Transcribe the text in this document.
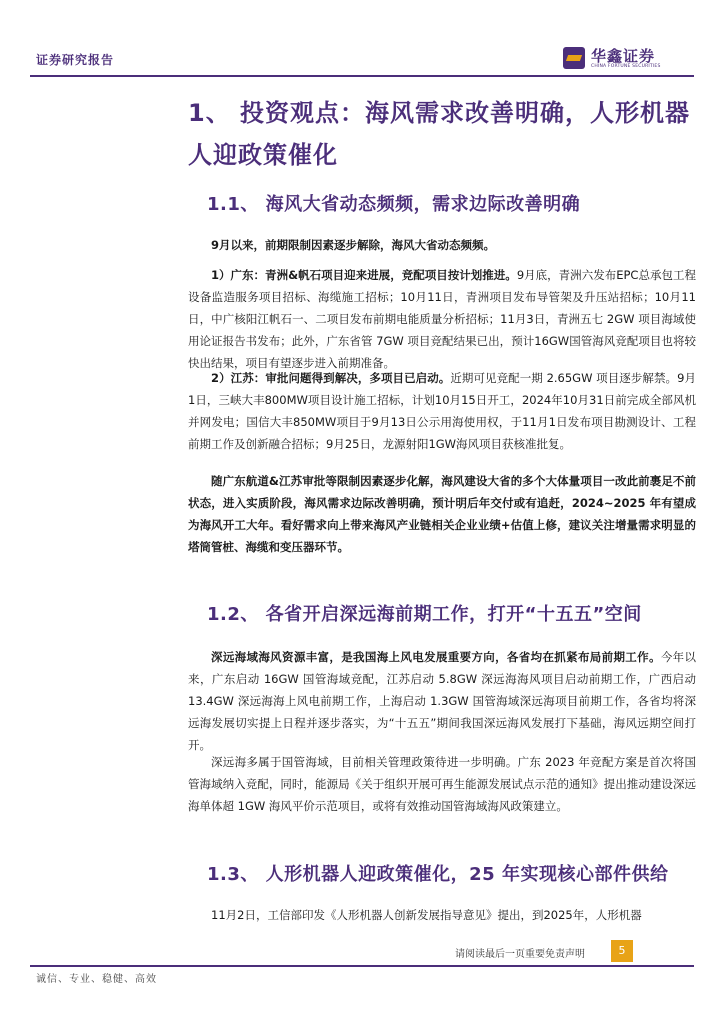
证券研究报告	华鑫证券
CHINA FORTUNE SECURITIES
1、 投资观点：海风需求改善明确，人形机器人迎政策催化
1.1、 海风大省动态频频，需求边际改善明确

9月以来，前期限制因素逐步解除，海风大省动态频频。

1）广东：青洲&帆石项目迎来进展，竞配项目按计划推进。9月底，青洲六发布EPC总承包工程设备监造服务项目招标、海缆施工招标；10月11日，青洲项目发布导管架及升压站招标；10月11日，中广核阳江帆石一、二项目发布前期电能质量分析招标；11月3日，青洲五七 2GW 项目海域使用论证报告书发布；此外，广东省管 7GW 项目竞配结果已出，预计16GW国管海风竞配项目也将较快出结果，项目有望逐步进入前期准备。

2）江苏：审批问题得到解决，多项目已启动。近期可见竞配一期 2.65GW 项目逐步解禁。9月1日，三峡大丰800MW项目设计施工招标，计划10月15日开工，2024年10月31日前完成全部风机并网发电；国信大丰850MW项目于9月13日公示用海使用权，于11月1日发布项目勘测设计、工程前期工作及创新融合招标；9月25日，龙源射阳1GW海风项目获核准批复。

随广东航道&江苏审批等限制因素逐步化解，海风建设大省的多个大体量项目一改此前裹足不前状态，进入实质阶段，海风需求边际改善明确，预计明后年交付或有追赶，2024~2025 年有望成为海风开工大年。看好需求向上带来海风产业链相关企业业绩+估值上修，建议关注增量需求明显的塔筒管桩、海缆和变压器环节。

1.2、 各省开启深远海前期工作，打开“十五五”空间

深远海域海风资源丰富，是我国海上风电发展重要方向，各省均在抓紧布局前期工作。今年以来，广东启动 16GW 国管海域竞配，江苏启动 5.8GW 深远海海风项目启动前期工作，广西启动 13.4GW 深远海海上风电前期工作，上海启动 1.3GW 国管海域深远海项目前期工作，各省均将深远海发展切实提上日程并逐步落实，为“十五五”期间我国深远海风发展打下基础，海风远期空间打开。

深远海多属于国管海域，目前相关管理政策待进一步明确。广东 2023 年竞配方案是首次将国管海域纳入竞配，同时，能源局《关于组织开展可再生能源发展试点示范的通知》提出推动建设深远海单体超 1GW 海风平价示范项目，或将有效推动国管海域海风政策建立。

1.3、 人形机器人迎政策催化，25 年实现核心部件供给

11月2日，工信部印发《人形机器人创新发展指导意见》提出，到2025年，人形机器

请阅读最后一页重要免责声明	5
诚信、专业、稳健、高效
